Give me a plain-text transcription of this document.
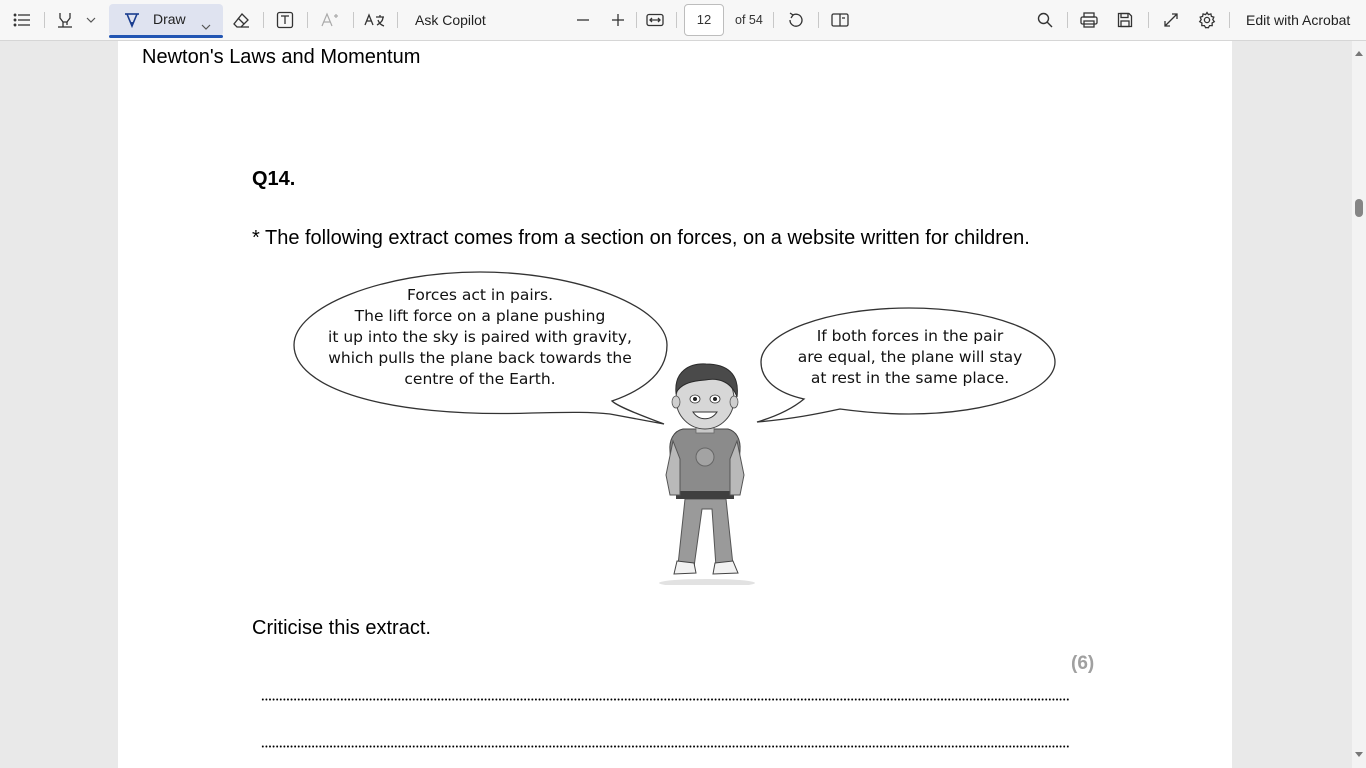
Draw	Ask Copilot	12	of 54	Edit with Acrobat
Newton's Laws and Momentum
Q14.
* The following extract comes from a section on forces, on a website written for children.
Forces act in pairs.
The lift force on a plane pushing
it up into the sky is paired with gravity,
which pulls the plane back towards the
centre of the Earth.
If both forces in the pair
are equal, the plane will stay
at rest in the same place.
Criticise this extract.
(6)
